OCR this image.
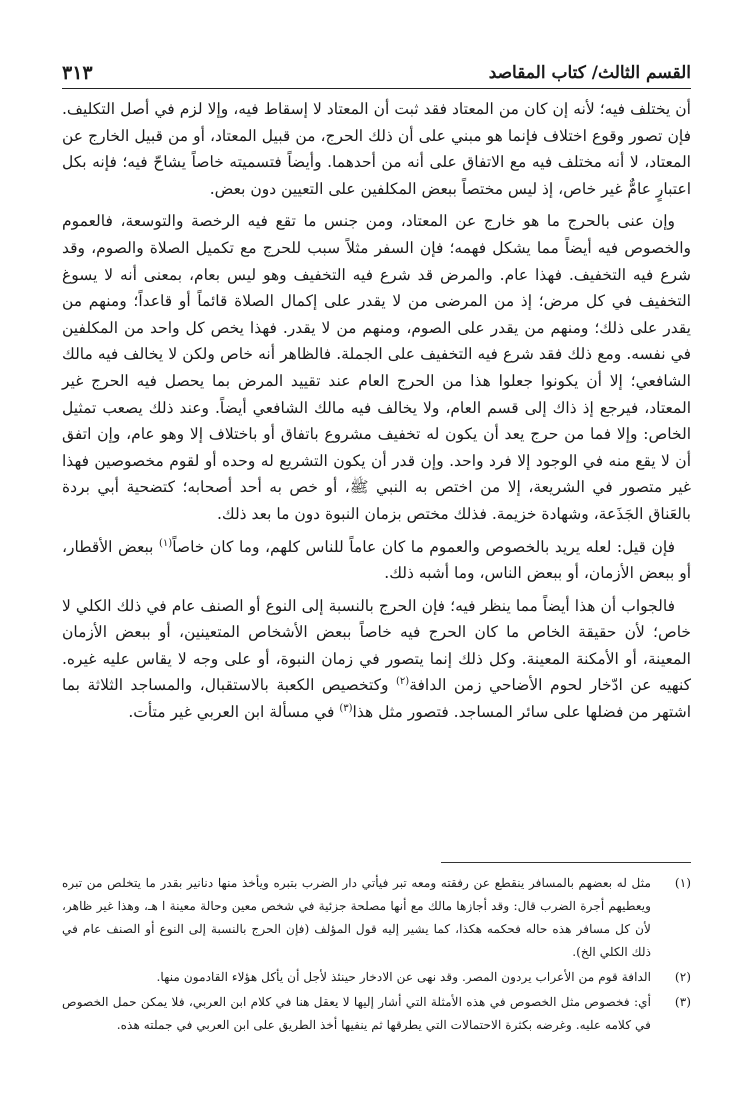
القسم الثالث/ كتاب المقاصد
٣١٣

أن يختلف فيه؛ لأنه إن كان من المعتاد فقد ثبت أن المعتاد لا إسقاط فيه، وإلا لزم في أصل التكليف. فإن تصور وقوع اختلاف فإنما هو مبني على أن ذلك الحرج، من قبيل المعتاد، أو من قبيل الخارج عن المعتاد، لا أنه مختلف فيه مع الاتفاق على أنه من أحدهما. وأيضاً فتسميته خاصاً يشاحّ فيه؛ فإنه بكل اعتبارٍ عامٌّ غير خاص، إذ ليس مختصاً ببعض المكلفين على التعيين دون بعض.

وإن عنى بالحرج ما هو خارج عن المعتاد، ومن جنس ما تقع فيه الرخصة والتوسعة، فالعموم والخصوص فيه أيضاً مما يشكل فهمه؛ فإن السفر مثلاً سبب للحرج مع تكميل الصلاة والصوم، وقد شرع فيه التخفيف. فهذا عام. والمرض قد شرع فيه التخفيف وهو ليس بعام، بمعنى أنه لا يسوغ التخفيف في كل مرض؛ إذ من المرضى من لا يقدر على إكمال الصلاة قائماً أو قاعداً؛ ومنهم من يقدر على ذلك؛ ومنهم من يقدر على الصوم، ومنهم من لا يقدر. فهذا يخص كل واحد من المكلفين في نفسه. ومع ذلك فقد شرع فيه التخفيف على الجملة. فالظاهر أنه خاص ولكن لا يخالف فيه مالك الشافعي؛ إلا أن يكونوا جعلوا هذا من الحرج العام عند تقييد المرض بما يحصل فيه الحرج غير المعتاد، فيرجع إذ ذاك إلى قسم العام، ولا يخالف فيه مالك الشافعي أيضاً. وعند ذلك يصعب تمثيل الخاص: وإلا فما من حرج يعد أن يكون له تخفيف مشروع باتفاق أو باختلاف إلا وهو عام، وإن اتفق أن لا يقع منه في الوجود إلا فرد واحد. وإن قدر أن يكون التشريع له وحده أو لقوم مخصوصين فهذا غير متصور في الشريعة، إلا من اختص به النبي ﷺ، أو خص به أحد أصحابه؛ كتضحية أبي بردة بالعَناق الجَذَعة، وشهادة خزيمة. فذلك مختص بزمان النبوة دون ما بعد ذلك.

فإن قيل: لعله يريد بالخصوص والعموم ما كان عاماً للناس كلهم، وما كان خاصاً$^{(١)}$ ببعض الأقطار، أو ببعض الأزمان، أو ببعض الناس، وما أشبه ذلك.

فالجواب أن هذا أيضاً مما ينظر فيه؛ فإن الحرج بالنسبة إلى النوع أو الصنف عام في ذلك الكلي لا خاص؛ لأن حقيقة الخاص ما كان الحرج فيه خاصاً ببعض الأشخاص المتعينين، أو ببعض الأزمان المعينة، أو الأمكنة المعينة. وكل ذلك إنما يتصور في زمان النبوة، أو على وجه لا يقاس عليه غيره. كنهيه عن ادّخار لحوم الأضاحي زمن الدافة$^{(٢)}$ وكتخصيص الكعبة بالاستقبال، والمساجد الثلاثة بما اشتهر من فضلها على سائر المساجد. فتصور مثل هذا$^{(٣)}$ في مسألة ابن العربي غير متأت.

(١)
مثل له بعضهم بالمسافر ينقطع عن رفقته ومعه تبر فيأتي دار الضرب بتبره ويأخذ منها دنانير بقدر ما يتخلص من تبره ويعطيهم أجرة الضرب قال: وقد أجازها مالك مع أنها مصلحة جزئية في شخص معين وحالة معينة ا هـ، وهذا غير ظاهر، لأن كل مسافر هذه حاله فحكمه هكذا، كما يشير إليه قول المؤلف (فإن الحرج بالنسبة إلى النوع أو الصنف عام في ذلك الكلي الخ).
(٢)
الدافة قوم من الأعراب يردون المصر. وقد نهى عن الادخار حينئذ لأجل أن يأكل هؤلاء القادمون منها.
(٣)
أي: فخصوص مثل الخصوص في هذه الأمثلة التي أشار إليها لا يعقل هنا في كلام ابن العربي، فلا يمكن حمل الخصوص في كلامه عليه. وغرضه بكثرة الاحتمالات التي يطرقها ثم ينفيها أخذ الطريق على ابن العربي في جملته هذه.
